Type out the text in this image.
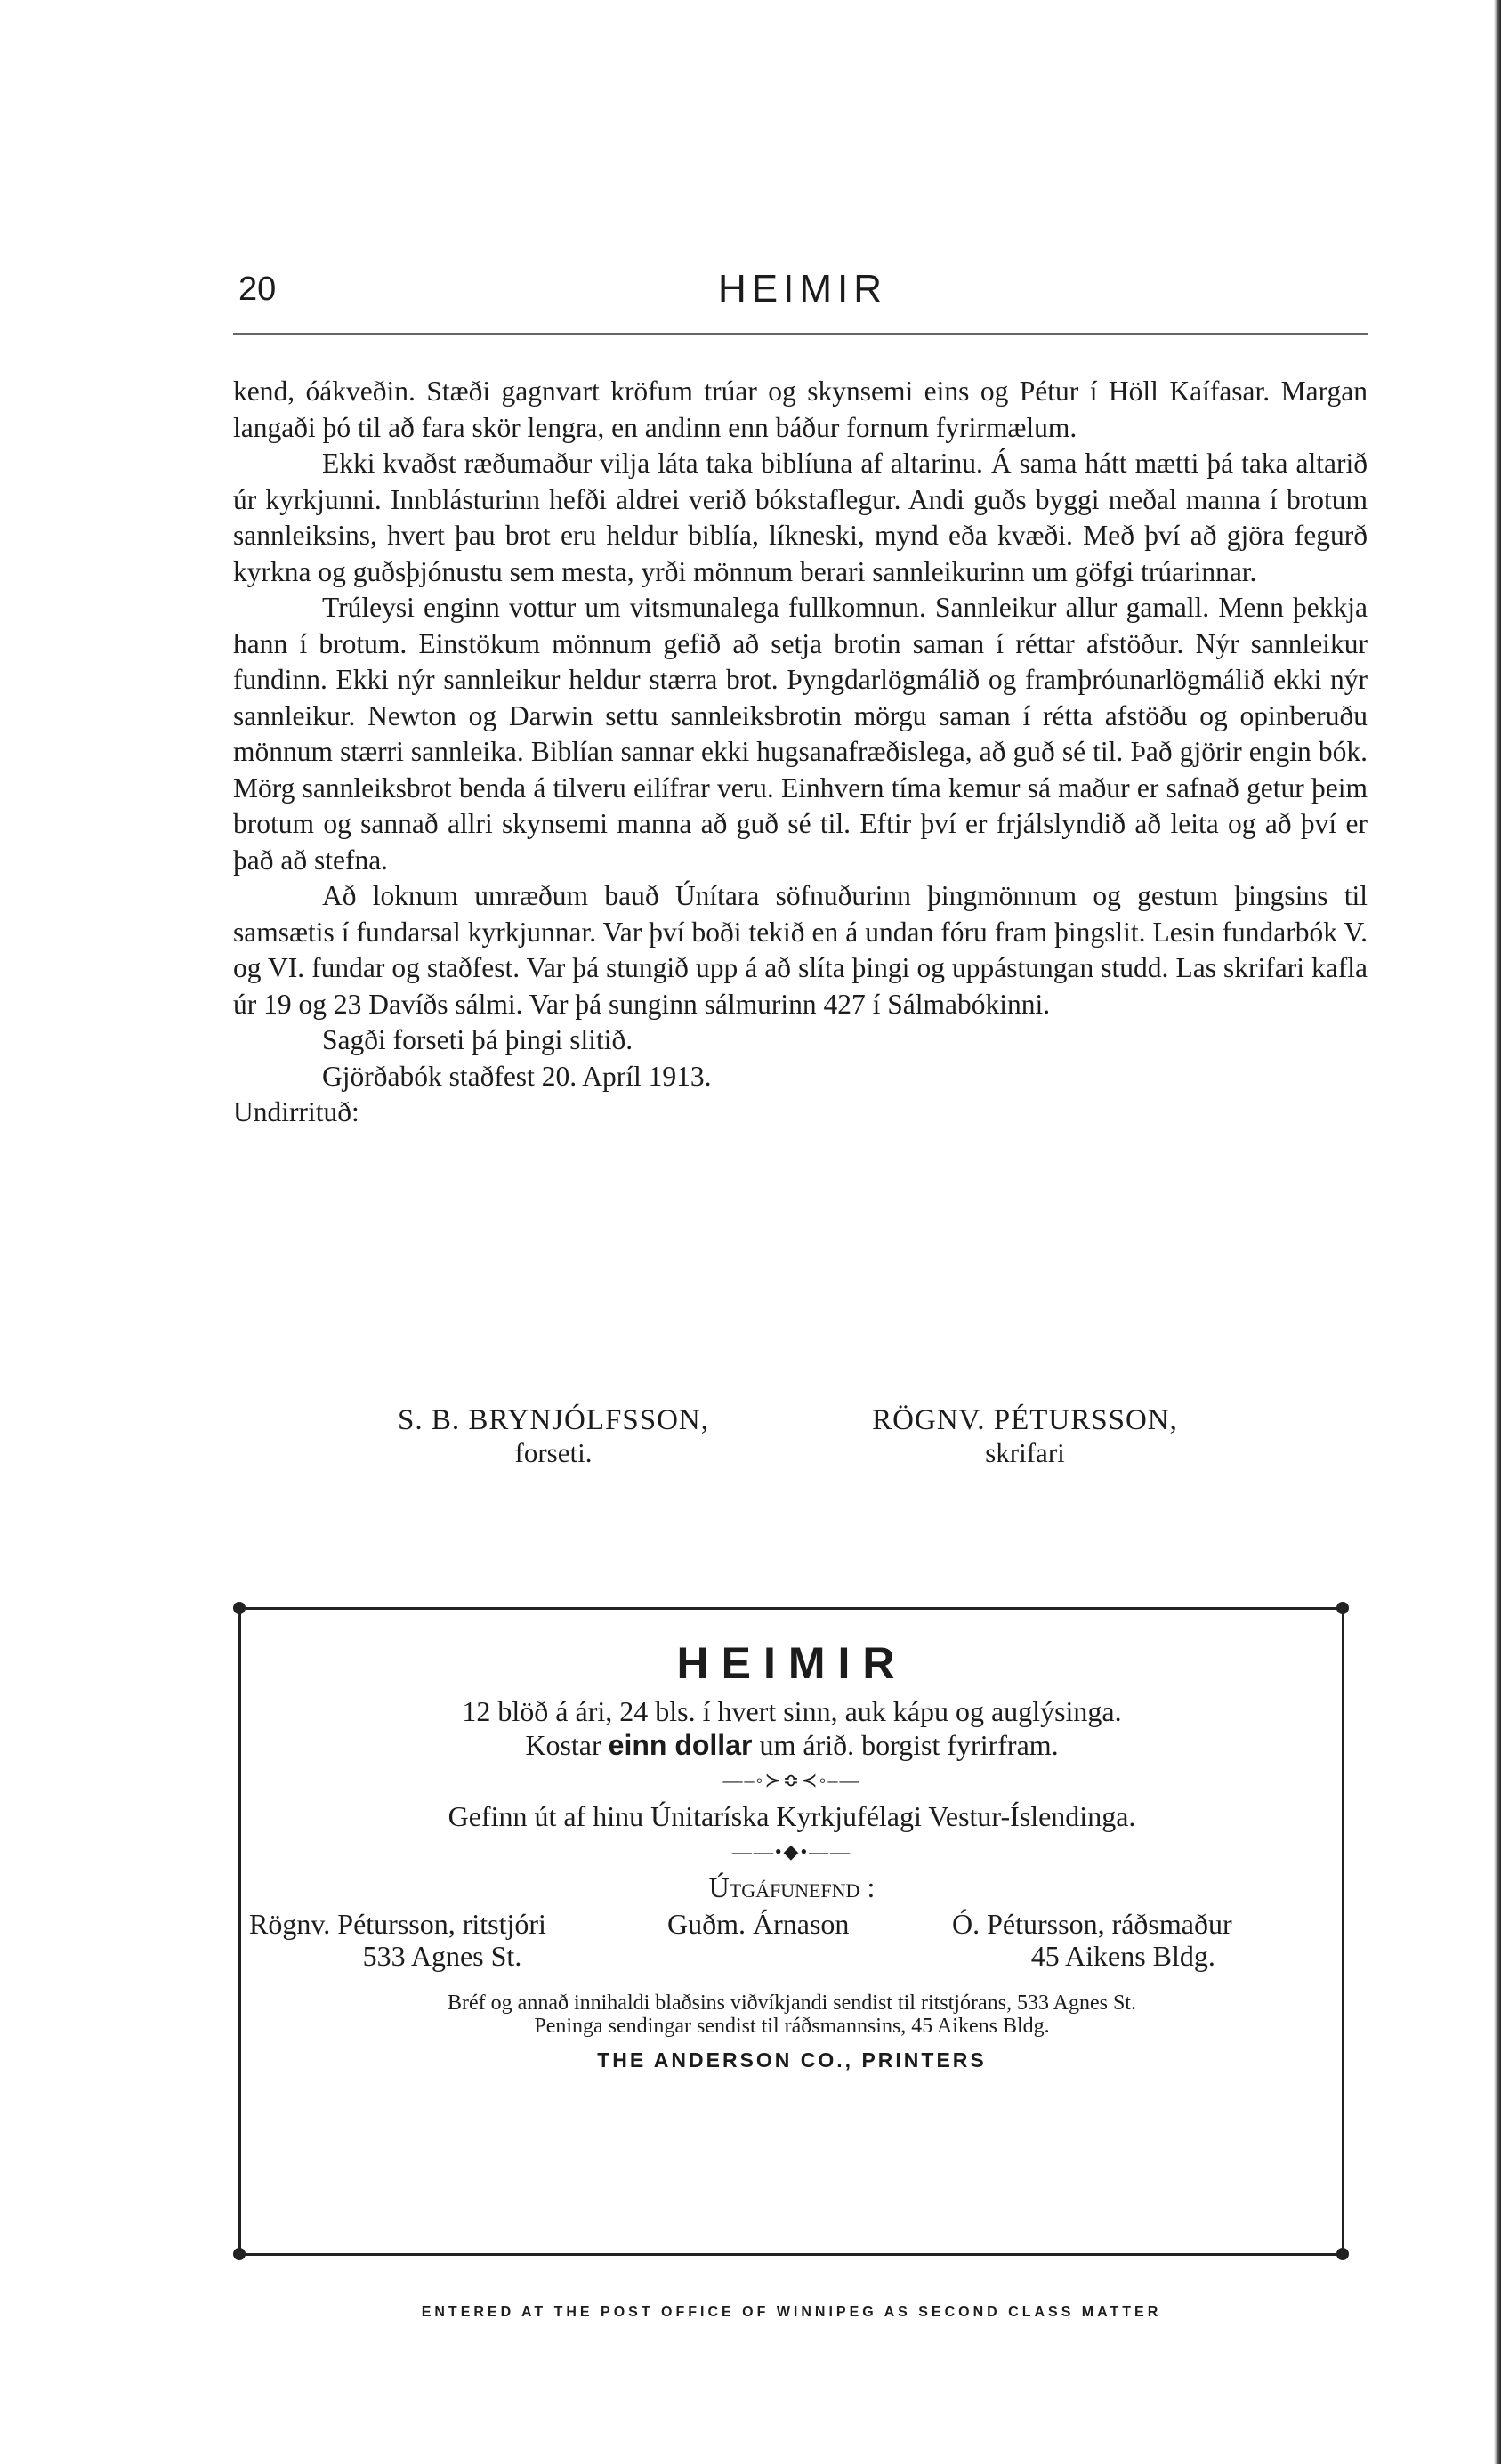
20	HEIMIR

kend, óákveðin. Stæði gagnvart kröfum trúar og skynsemi eins og Pétur í Höll Kaífasar. Margan langaði þó til að fara skör lengra, en andinn enn báður fornum fyrirmælum.

Ekki kvaðst ræðumaður vilja láta taka biblíuna af altarinu. Á sama hátt mætti þá taka altarið úr kyrkjunni. Innblásturinn hefði aldrei verið bókstaflegur. Andi guðs byggi meðal manna í brotum sannleiksins, hvert þau brot eru heldur biblía, líkneski, mynd eða kvæði. Með því að gjöra fegurð kyrkna og guðsþjónustu sem mesta, yrði mönnum berari sannleikurinn um göfgi trúarinnar.

Trúleysi enginn vottur um vitsmunalega fullkomnun. Sannleikur allur gamall. Menn þekkja hann í brotum. Einstökum mönnum gefið að setja brotin saman í réttar afstöður. Nýr sannleikur fundinn. Ekki nýr sannleikur heldur stærra brot. Þyngdarlögmálið og framþróunarlögmálið ekki nýr sannleikur. Newton og Darwin settu sannleiksbrotin mörgu saman í rétta afstöðu og opinberuðu mönnum stærri sannleika. Biblían sannar ekki hugsanafræðislega, að guð sé til. Það gjörir engin bók. Mörg sannleiksbrot benda á tilveru eilífrar veru. Einhvern tíma kemur sá maður er safnað getur þeim brotum og sannað allri skynsemi manna að guð sé til. Eftir því er frjálslyndið að leita og að því er það að stefna.

Að loknum umræðum bauð Únítara söfnuðurinn þingmönnum og gestum þingsins til samsætis í fundarsal kyrkjunnar. Var því boði tekið en á undan fóru fram þingslit. Lesin fundarbók V. og VI. fundar og staðfest. Var þá stungið upp á að slíta þingi og uppástungan studd. Las skrifari kafla úr 19 og 23 Davíðs sálmi. Var þá sunginn sálmurinn 427 í Sálmabókinni.

Sagði forseti þá þingi slitið.

Gjörðabók staðfest 20. Apríl 1913.

Undirrituð:

S. B. BRYNJÓLFSSON,
forseti.
RÖGNV. PÉTURSSON,
skrifari
HEIMIR

12 blöð á ári, 24 bls. í hvert sinn, auk kápu og auglýsinga.

Kostar einn dollar um árið. borgist fyrirfram.

—–◦≻≎≺◦–—

Gefinn út af hinu Únitaríska Kyrkjufélagi Vestur-Íslendinga.

——•◆•——

Útgáfunefnd :

Rögnv. Pétursson, ritstjóri
533 Agnes St.
Guðm. Árnason	Ó. Pétursson, ráðsmaður
45 Aikens Bldg.

Bréf og annað innihaldi blaðsins viðvíkjandi sendist til ritstjórans, 533 Agnes St.

Peninga sendingar sendist til ráðsmannsins, 45 Aikens Bldg.

THE ANDERSON CO., PRINTERS
ENTERED AT THE POST OFFICE OF WINNIPEG AS SECOND CLASS MATTER
